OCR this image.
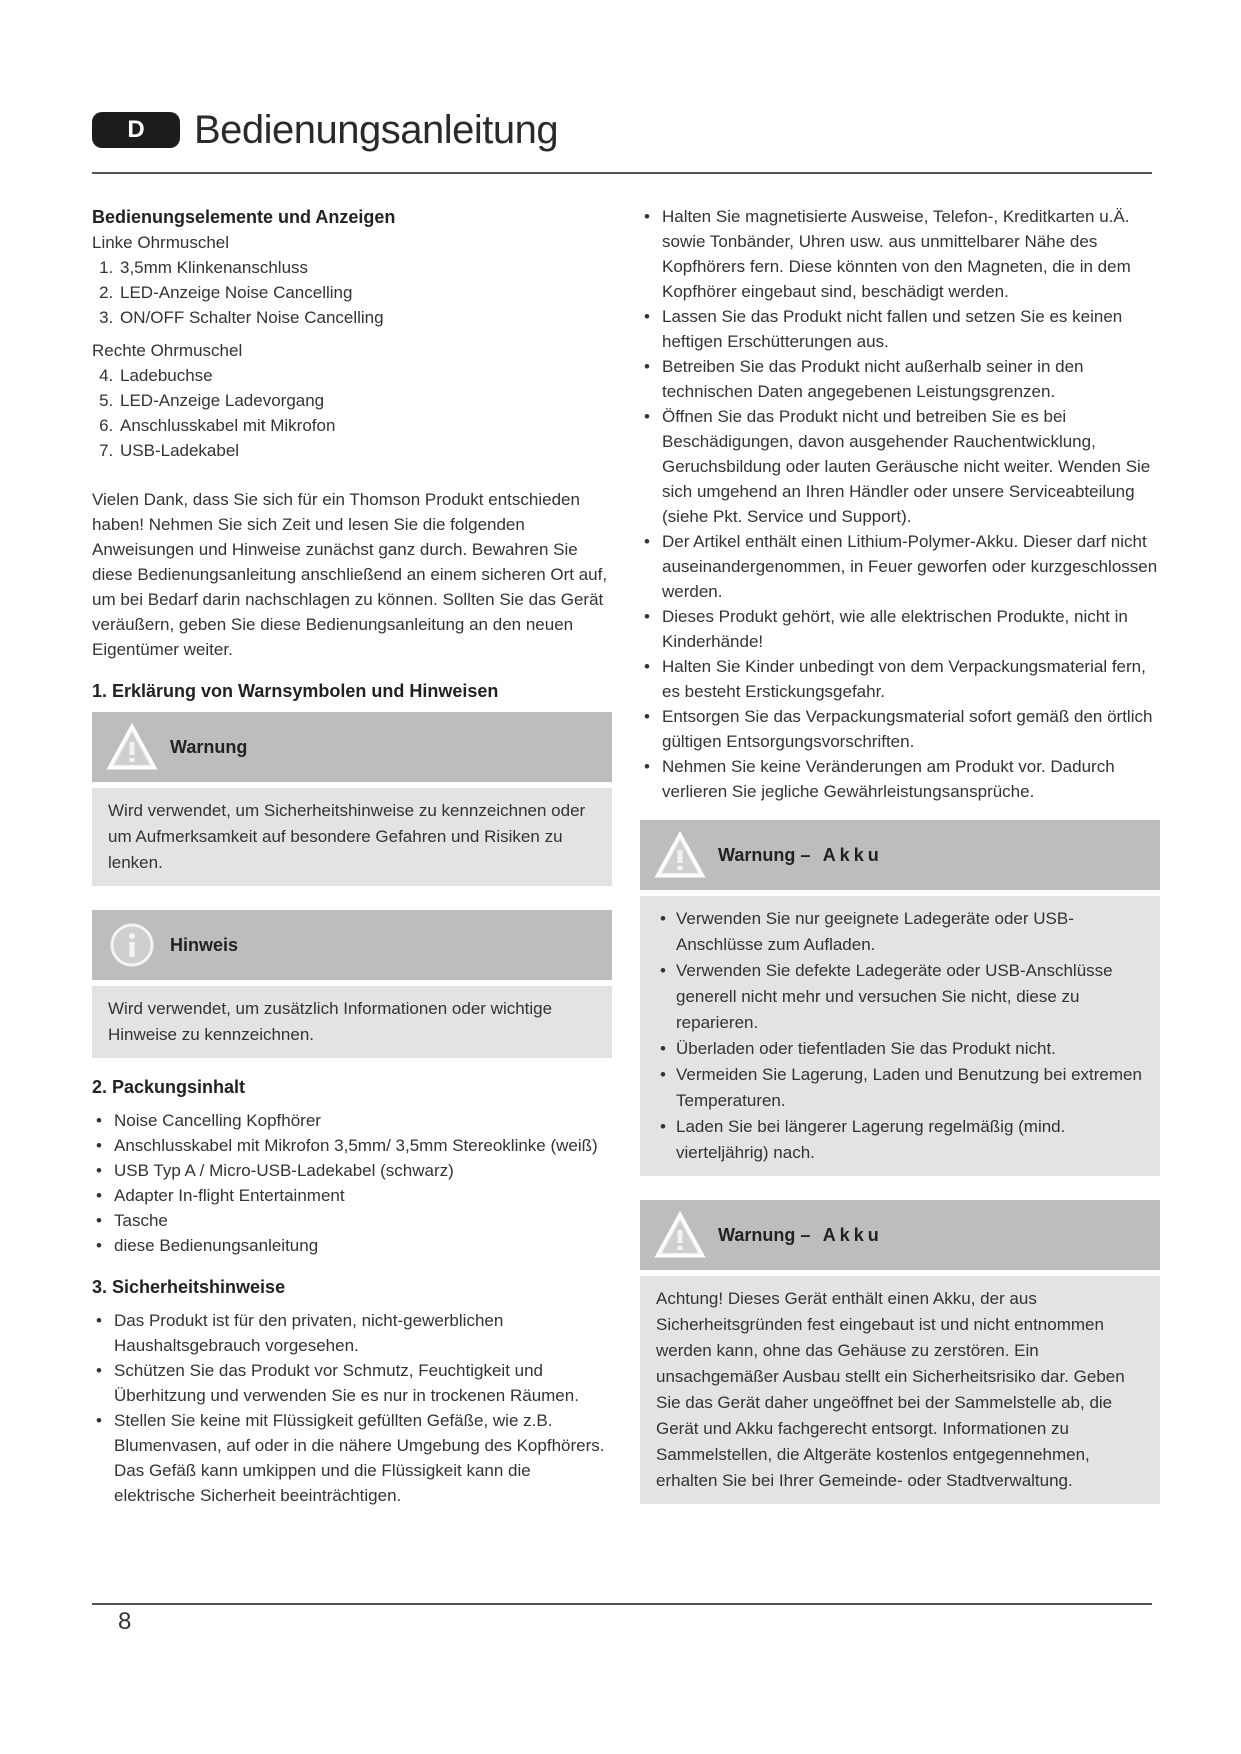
D	Bedienungsanleitung
Bedienungselemente und Anzeigen

Linke Ohrmuschel

1. 3,5mm Klinkenanschluss
2. LED-Anzeige Noise Cancelling
3. ON/OFF Schalter Noise Cancelling

Rechte Ohrmuschel

4. Ladebuchse
5. LED-Anzeige Ladevorgang
6. Anschlusskabel mit Mikrofon
7. USB-Ladekabel

Vielen Dank, dass Sie sich für ein Thomson Produkt entschieden haben! Nehmen Sie sich Zeit und lesen Sie die folgenden Anweisungen und Hinweise zunächst ganz durch. Bewahren Sie diese Bedienungsanleitung anschließend an einem sicheren Ort auf, um bei Bedarf darin nachschlagen zu können. Sollten Sie das Gerät veräußern, geben Sie diese Bedienungsanleitung an den neuen Eigentümer weiter.

1. Erklärung von Warnsymbolen und Hinweisen
Warnung
Wird verwendet, um Sicherheitshinweise zu kennzeichnen oder um Aufmerksamkeit auf besondere Gefahren und Risiken zu lenken.
Hinweis
Wird verwendet, um zusätzlich Informationen oder wichtige Hinweise zu kennzeichnen.
2. Packungsinhalt
• Noise Cancelling Kopfhörer
• Anschlusskabel mit Mikrofon 3,5mm/ 3,5mm Stereoklinke (weiß)
• USB Typ A / Micro-USB-Ladekabel (schwarz)
• Adapter In-flight Entertainment
• Tasche
• diese Bedienungsanleitung
3. Sicherheitshinweise
• Das Produkt ist für den privaten, nicht-gewerblichen Haushaltsgebrauch vorgesehen.
• Schützen Sie das Produkt vor Schmutz, Feuchtigkeit und Überhitzung und verwenden Sie es nur in trockenen Räumen.
• Stellen Sie keine mit Flüssigkeit gefüllten Gefäße, wie z.B. Blumenvasen, auf oder in die nähere Umgebung des Kopfhörers. Das Gefäß kann umkippen und die Flüssigkeit kann die elektrische Sicherheit beeinträchtigen.
• Halten Sie magnetisierte Ausweise, Telefon-, Kreditkarten u.Ä. sowie Tonbänder, Uhren usw. aus unmittelbarer Nähe des Kopfhörers fern. Diese könnten von den Magneten, die in dem Kopfhörer eingebaut sind, beschädigt werden.
• Lassen Sie das Produkt nicht fallen und setzen Sie es keinen heftigen Erschütterungen aus.
• Betreiben Sie das Produkt nicht außerhalb seiner in den technischen Daten angegebenen Leistungsgrenzen.
• Öffnen Sie das Produkt nicht und betreiben Sie es bei Beschädigungen, davon ausgehender Rauchentwicklung, Geruchsbildung oder lauten Geräusche nicht weiter. Wenden Sie sich umgehend an Ihren Händler oder unsere Serviceabteilung (siehe Pkt. Service und Support).
• Der Artikel enthält einen Lithium-Polymer-Akku. Dieser darf nicht auseinandergenommen, in Feuer geworfen oder kurzgeschlossen werden.
• Dieses Produkt gehört, wie alle elektrischen Produkte, nicht in Kinderhände!
• Halten Sie Kinder unbedingt von dem Verpackungsmaterial fern, es besteht Erstickungsgefahr.
• Entsorgen Sie das Verpackungsmaterial sofort gemäß den örtlich gültigen Entsorgungsvorschriften.
• Nehmen Sie keine Veränderungen am Produkt vor. Dadurch verlieren Sie jegliche Gewährleistungsansprüche.
Warnung – Akku
• Verwenden Sie nur geeignete Ladegeräte oder USB-Anschlüsse zum Aufladen.
• Verwenden Sie defekte Ladegeräte oder USB-Anschlüsse generell nicht mehr und versuchen Sie nicht, diese zu reparieren.
• Überladen oder tiefentladen Sie das Produkt nicht.
• Vermeiden Sie Lagerung, Laden und Benutzung bei extremen Temperaturen.
• Laden Sie bei längerer Lagerung regelmäßig (mind. vierteljährig) nach.
Warnung – Akku
Achtung! Dieses Gerät enthält einen Akku, der aus Sicherheitsgründen fest eingebaut ist und nicht entnommen werden kann, ohne das Gehäuse zu zerstören. Ein unsachgemäßer Ausbau stellt ein Sicherheitsrisiko dar. Geben Sie das Gerät daher ungeöffnet bei der Sammelstelle ab, die Gerät und Akku fachgerecht entsorgt. Informationen zu Sammelstellen, die Altgeräte kostenlos entgegennehmen, erhalten Sie bei Ihrer Gemeinde- oder Stadtverwaltung.
8
